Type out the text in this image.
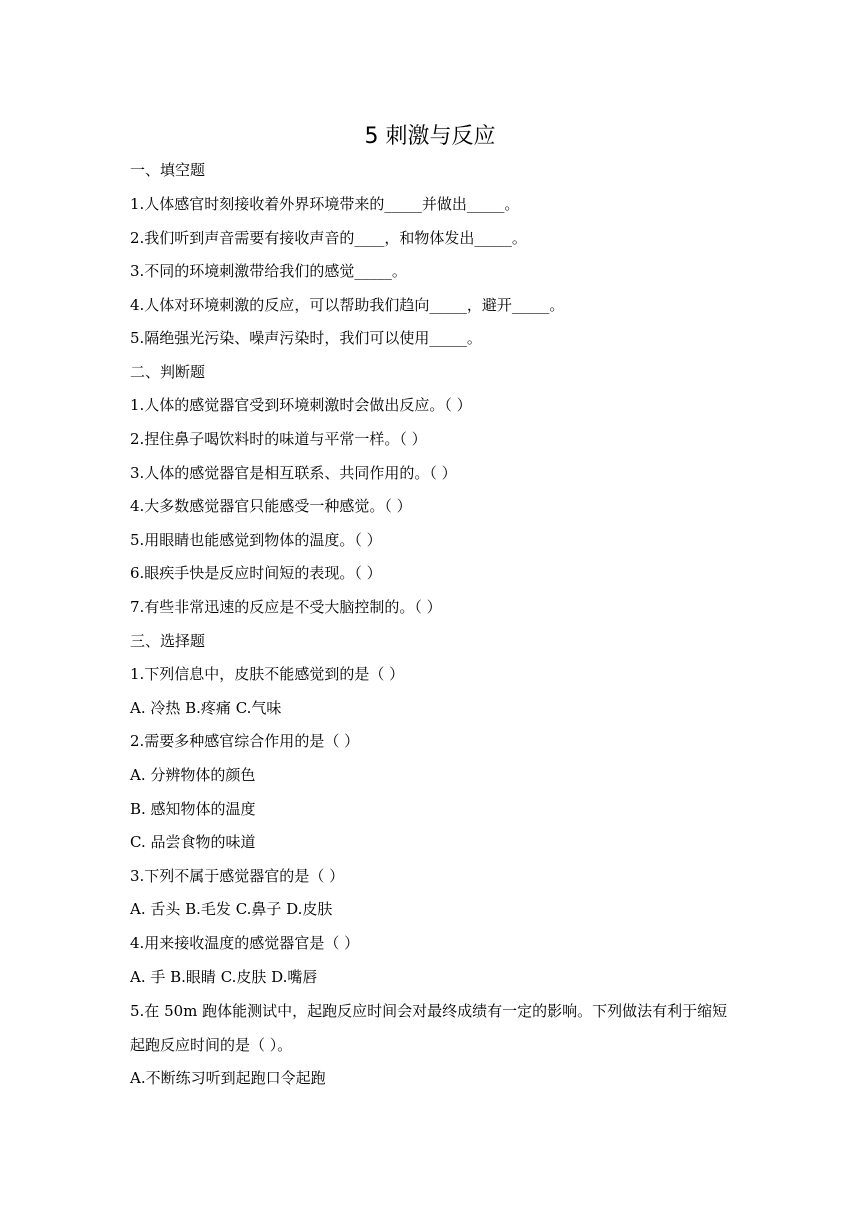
5 刺激与反应
一、填空题
1.人体感官时刻接收着外界环境带来的_____并做出_____。
2.我们听到声音需要有接收声音的____，和物体发出_____。
3.不同的环境刺激带给我们的感觉_____。
4.人体对环境刺激的反应，可以帮助我们趋向_____，避开_____。
5.隔绝强光污染、噪声污染时，我们可以使用_____。
二、判断题
1.人体的感觉器官受到环境刺激时会做出反应。（ ）
2.捏住鼻子喝饮料时的味道与平常一样。（ ）
3.人体的感觉器官是相互联系、共同作用的。（ ）
4.大多数感觉器官只能感受一种感觉。（ ）
5.用眼睛也能感觉到物体的温度。（ ）
6.眼疾手快是反应时间短的表现。（ ）
7.有些非常迅速的反应是不受大脑控制的。（ ）
三、选择题
1.下列信息中，皮肤不能感觉到的是（ ）
A. 冷热 B.疼痛 C.气味
2.需要多种感官综合作用的是（ ）
A. 分辨物体的颜色
B. 感知物体的温度
C. 品尝食物的味道
3.下列不属于感觉器官的是（ ）
A. 舌头 B.毛发 C.鼻子 D.皮肤
4.用来接收温度的感觉器官是（ ）
A. 手 B.眼睛 C.皮肤 D.嘴唇
5.在 50m 跑体能测试中，起跑反应时间会对最终成绩有一定的影响。下列做法有利于缩短起跑反应时间的是（ ）。
A.不断练习听到起跑口令起跑
